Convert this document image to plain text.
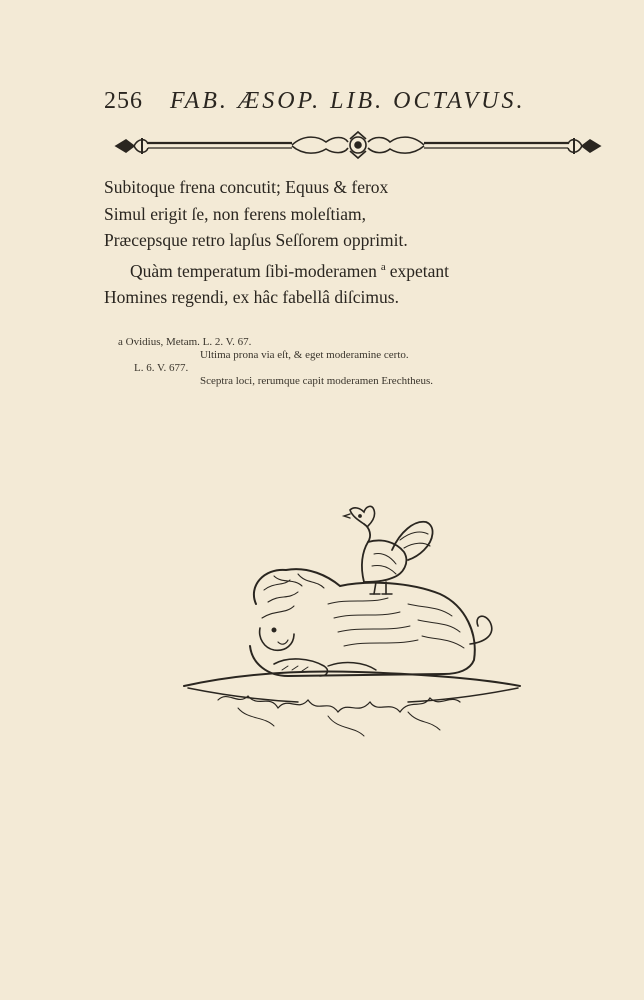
256 FAB. ÆSOP. LIB. OCTAVUS.
Subitoque frena concutit; Equus & ferox
Simul erigit ſe, non ferens moleſtiam,
Præcepsque retro lapſus Seſſorem opprimit.
Quàm temperatum ſibi-moderamen $^a$ expetant
Homines regendi, ex hâc fabellâ diſcimus.
a Ovidius, Metam. L. 2. V. 67.
Ultima prona via eſt, & eget moderamine certo.
L. 6. V. 677.
Sceptra loci, rerumque capit moderamen Erechtheus.
